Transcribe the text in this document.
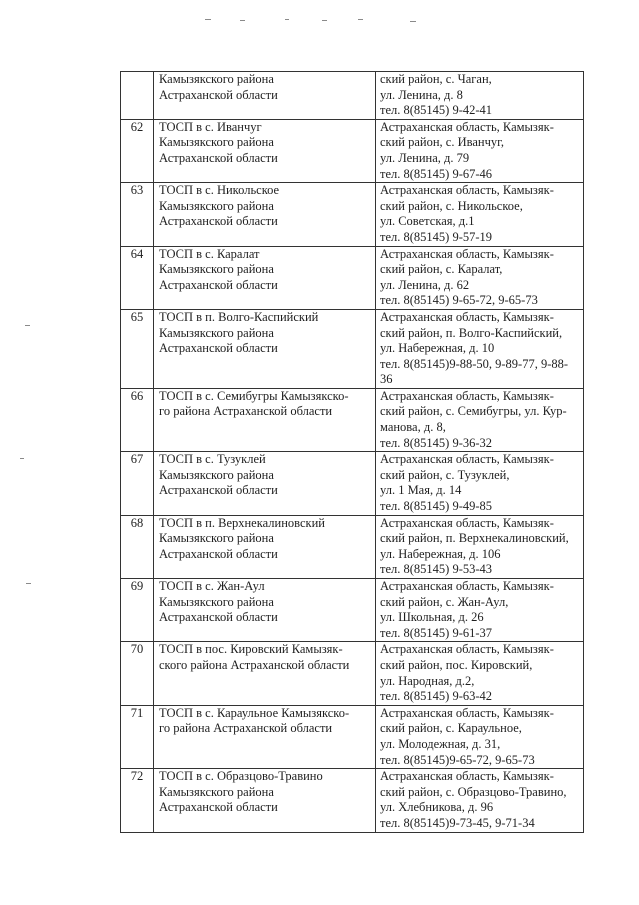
	Камызякского района
Астраханской области	ский район, с. Чаган,
ул. Ленина, д. 8
тел. 8(85145) 9-42-41

62	ТОСП в с. Иванчуг
Камызякского района
Астраханской области	Астраханская область, Камызяк-
ский район, с. Иванчуг,
ул. Ленина, д. 79
тел. 8(85145) 9-67-46

63	ТОСП в с. Никольское
Камызякского района
Астраханской области	Астраханская область, Камызяк-
ский район, с. Никольское,
ул. Советская, д.1
тел. 8(85145) 9-57-19

64	ТОСП в с. Каралат
Камызякского района
Астраханской области	Астраханская область, Камызяк-
ский район, с. Каралат,
ул. Ленина, д. 62
тел. 8(85145) 9-65-72, 9-65-73

65	ТОСП в п. Волго-Каспийский
Камызякского района
Астраханской области	Астраханская область, Камызяк-
ский район, п. Волго-Каспийский,
ул. Набережная, д. 10
тел. 8(85145)9-88-50, 9-89-77, 9-88-
36

66	ТОСП в с. Семибугры Камызякско-
го района Астраханской области	Астраханская область, Камызяк-
ский район, с. Семибугры, ул. Кур-
манова, д. 8,
тел. 8(85145) 9-36-32

67	ТОСП в с. Тузуклей
Камызякского района
Астраханской области	Астраханская область, Камызяк-
ский район, с. Тузуклей,
ул. 1 Мая, д. 14
тел. 8(85145) 9-49-85

68	ТОСП в п. Верхнекалиновский
Камызякского района
Астраханской области	Астраханская область, Камызяк-
ский район, п. Верхнекалиновский,
ул. Набережная, д. 106
тел. 8(85145) 9-53-43

69	ТОСП в с. Жан-Аул
Камызякского района
Астраханской области	Астраханская область, Камызяк-
ский район, с. Жан-Аул,
ул. Школьная, д. 26
тел. 8(85145) 9-61-37

70	ТОСП в пос. Кировский Камызяк-
ского района Астраханской области	Астраханская область, Камызяк-
ский район, пос. Кировский,
ул. Народная, д.2,
тел. 8(85145) 9-63-42

71	ТОСП в с. Караульное Камызякско-
го района Астраханской области	Астраханская область, Камызяк-
ский район, с. Караульное,
ул. Молодежная, д. 31,
тел. 8(85145)9-65-72, 9-65-73

72	ТОСП в с. Образцово-Травино
Камызякского района
Астраханской области	Астраханская область, Камызяк-
ский район, с. Образцово-Травино,
ул. Хлебникова, д. 96
тел. 8(85145)9-73-45, 9-71-34
